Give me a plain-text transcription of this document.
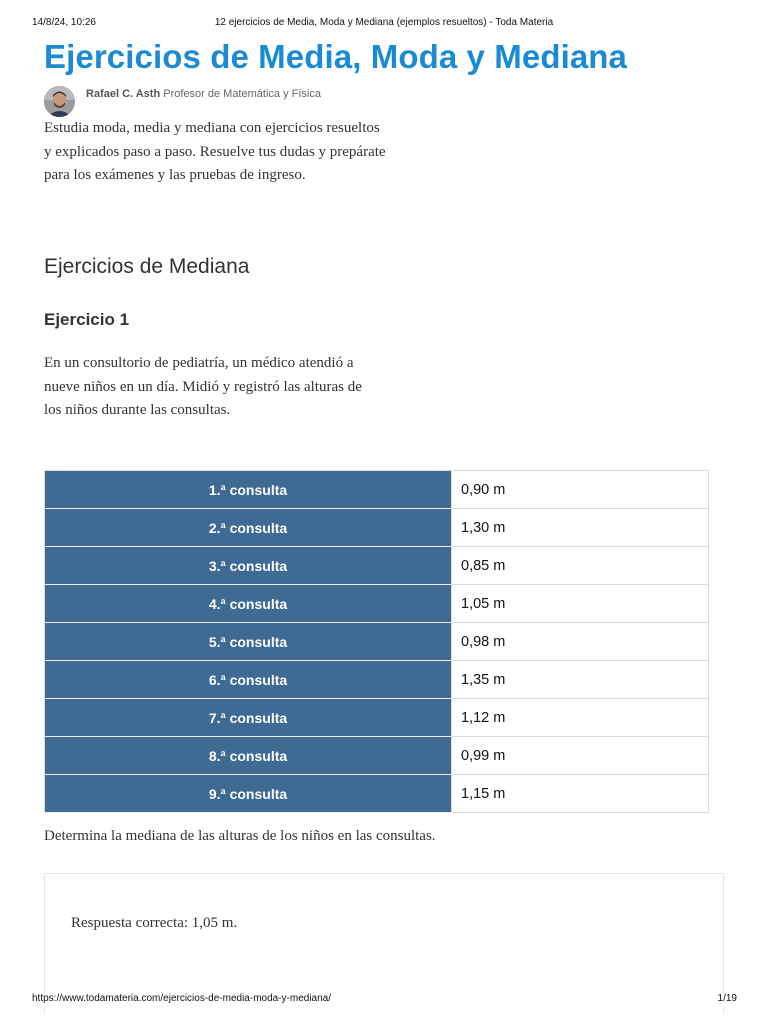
14/8/24, 10:26	12 ejercicios de Media, Moda y Mediana (ejemplos resueltos) - Toda Materia
Ejercicios de Media, Moda y Mediana
Rafael C. Asth Profesor de Matemática y Física

Estudia moda, media y mediana con ejercicios resueltos y explicados paso a paso. Resuelve tus dudas y prepárate para los exámenes y las pruebas de ingreso.

Ejercicios de Mediana
Ejercicio 1

En un consultorio de pediatría, un médico atendió a nueve niños en un día. Midió y registró las alturas de los niños durante las consultas.

1.ª consulta	0,90 m
2.ª consulta	1,30 m
3.ª consulta	0,85 m
4.ª consulta	1,05 m
5.ª consulta	0,98 m
6.ª consulta	1,35 m
7.ª consulta	1,12 m
8.ª consulta	0,99 m
9.ª consulta	1,15 m

Determina la mediana de las alturas de los niños en las consultas.

Respuesta correcta: 1,05 m.

https://www.todamateria.com/ejercicios-de-media-moda-y-mediana/	1/19
